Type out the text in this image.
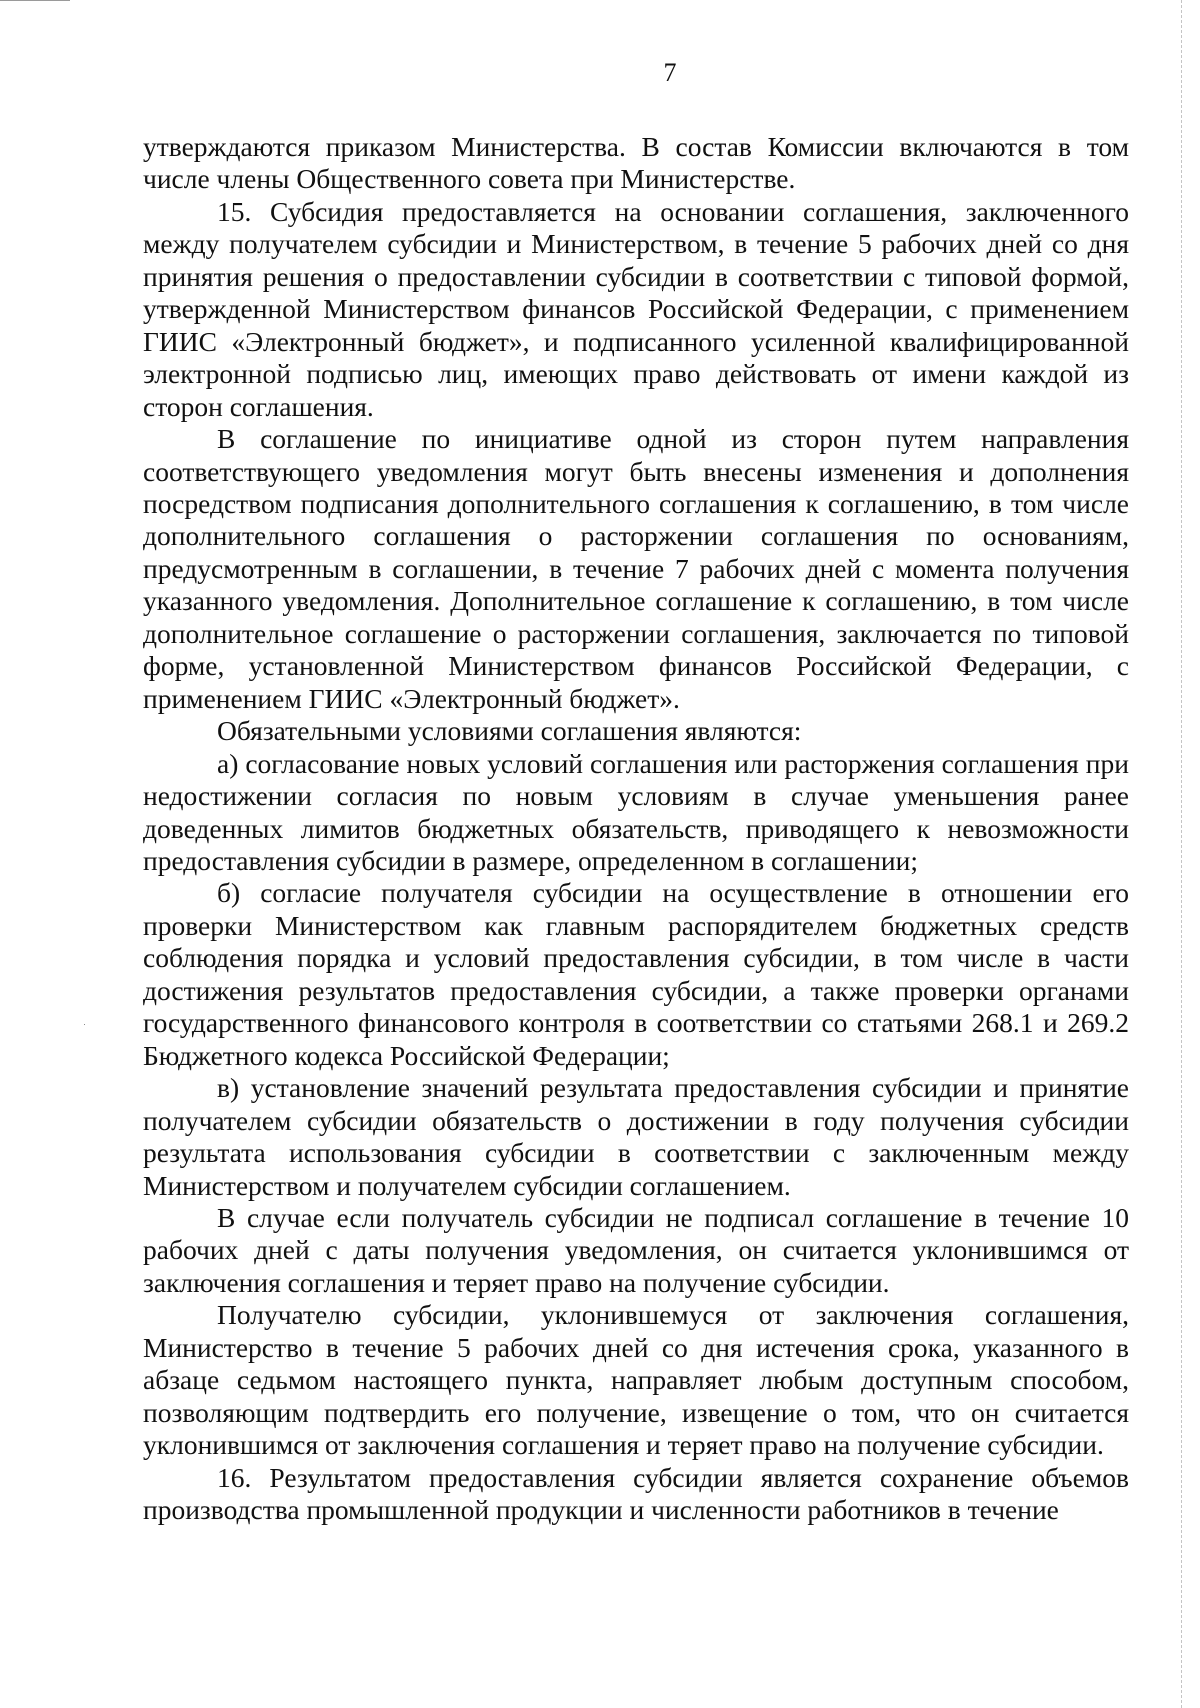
7

утверждаются приказом Министерства. В состав Комиссии включаются в том числе члены Общественного совета при Министерстве.

15. Субсидия предоставляется на основании соглашения, заключенного между получателем субсидии и Министерством, в течение 5 рабочих дней со дня принятия решения о предоставлении субсидии в соответствии с типовой формой, утвержденной Министерством финансов Российской Федерации, с применением ГИИС «Электронный бюджет», и подписанного усиленной квалифицированной электронной подписью лиц, имеющих право действовать от имени каждой из сторон соглашения.

В соглашение по инициативе одной из сторон путем направления соответствующего уведомления могут быть внесены изменения и дополнения посредством подписания дополнительного соглашения к соглашению, в том числе дополнительного соглашения о расторжении соглашения по основаниям, предусмотренным в соглашении, в течение 7 рабочих дней с момента получения указанного уведомления. Дополнительное соглашение к соглашению, в том числе дополнительное соглашение о расторжении соглашения, заключается по типовой форме, установленной Министерством финансов Российской Федерации, с применением ГИИС «Электронный бюджет».

Обязательными условиями соглашения являются:

а) согласование новых условий соглашения или расторжения соглашения при недостижении согласия по новым условиям в случае уменьшения ранее доведенных лимитов бюджетных обязательств, приводящего к невозможности предоставления субсидии в размере, определенном в соглашении;

б) согласие получателя субсидии на осуществление в отношении его проверки Министерством как главным распорядителем бюджетных средств соблюдения порядка и условий предоставления субсидии, в том числе в части достижения результатов предоставления субсидии, а также проверки органами государственного финансового контроля в соответствии со статьями 268.1 и 269.2 Бюджетного кодекса Российской Федерации;

в) установление значений результата предоставления субсидии и принятие получателем субсидии обязательств о достижении в году получения субсидии результата использования субсидии в соответствии с заключенным между Министерством и получателем субсидии соглашением.

В случае если получатель субсидии не подписал соглашение в течение 10 рабочих дней с даты получения уведомления, он считается уклонившимся от заключения соглашения и теряет право на получение субсидии.

Получателю субсидии, уклонившемуся от заключения соглашения, Министерство в течение 5 рабочих дней со дня истечения срока, указанного в абзаце седьмом настоящего пункта, направляет любым доступным способом, позволяющим подтвердить его получение, извещение о том, что он считается уклонившимся от заключения соглашения и теряет право на получение субсидии.

16. Результатом предоставления субсидии является сохранение объемов производства промышленной продукции и численности работников в течение
